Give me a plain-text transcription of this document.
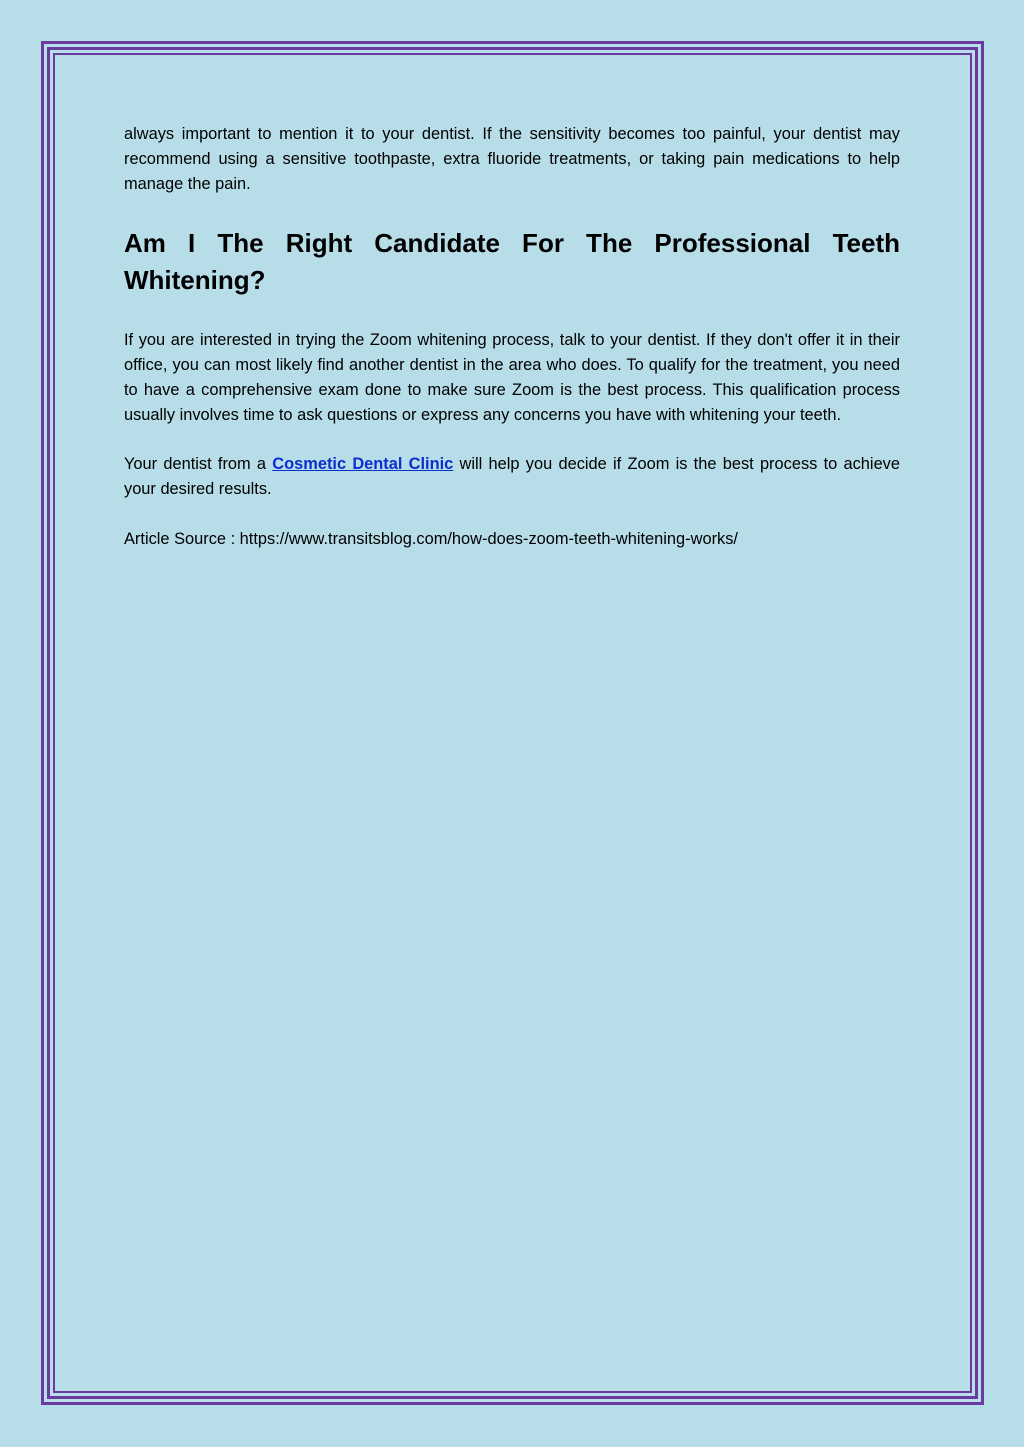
always important to mention it to your dentist. If the sensitivity becomes too painful, your dentist may recommend using a sensitive toothpaste, extra fluoride treatments, or taking pain medications to help manage the pain.

Am I The Right Candidate For The Professional Teeth Whitening?

If you are interested in trying the Zoom whitening process, talk to your dentist. If they don't offer it in their office, you can most likely find another dentist in the area who does. To qualify for the treatment, you need to have a comprehensive exam done to make sure Zoom is the best process. This qualification process usually involves time to ask questions or express any concerns you have with whitening your teeth.

Your dentist from a Cosmetic Dental Clinic will help you decide if Zoom is the best process to achieve your desired results.

Article Source : https://www.transitsblog.com/how-does-zoom-teeth-whitening-works/
